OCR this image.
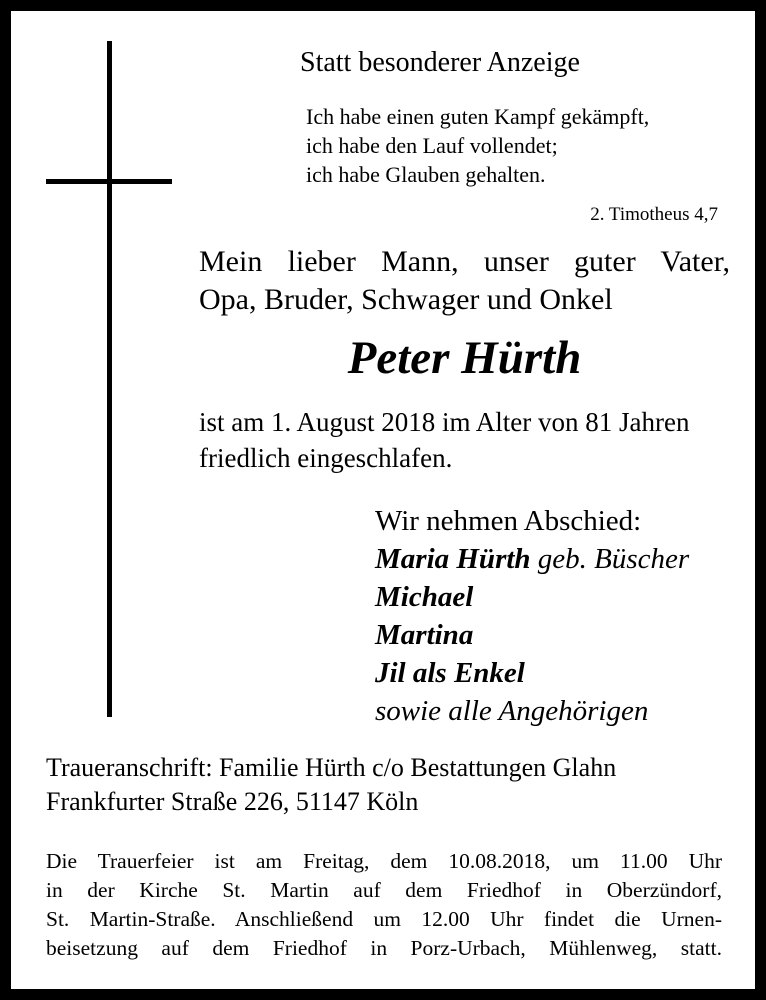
Statt besonderer Anzeige
Ich habe einen guten Kampf gekämpft,
ich habe den Lauf vollendet;
ich habe Glauben gehalten.
2. Timotheus 4,7
Mein lieber Mann, unser guter Vater,
Opa, Bruder, Schwager und Onkel
Peter Hürth
ist am 1. August 2018 im Alter von 81 Jahren
friedlich eingeschlafen.
Wir nehmen Abschied:
Maria Hürth geb. Büscher
Michael
Martina
Jil als Enkel
sowie alle Angehörigen
Traueranschrift: Familie Hürth c/o Bestattungen Glahn
Frankfurter Straße 226, 51147 Köln
Die Trauerfeier ist am Freitag, dem 10.08.2018, um 11.00 Uhr
in der Kirche St. Martin auf dem Friedhof in Oberzündorf,
St. Martin-Straße. Anschließend um 12.00 Uhr findet die Urnen-
beisetzung auf dem Friedhof in Porz-Urbach, Mühlenweg, statt.
